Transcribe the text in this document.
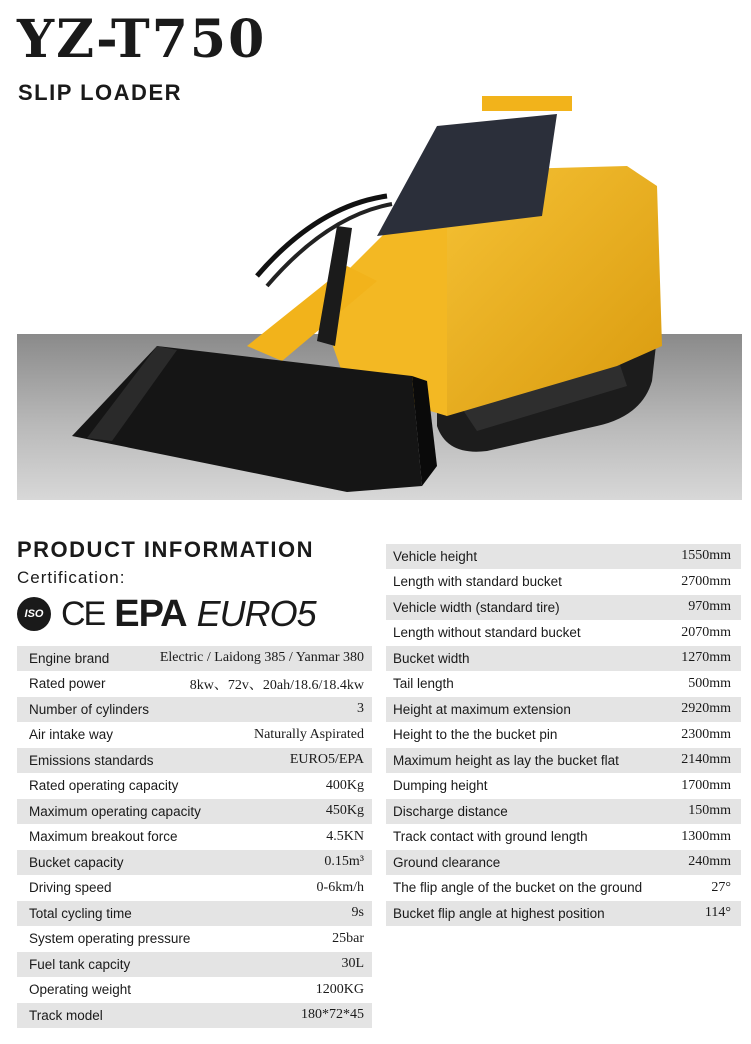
YZ-T750
SLIP LOADER
PRODUCT INFORMATION
Certification:
ISO CE EPA EURO5
Engine brand	Electric / Laidong 385 / Yanmar 380
Rated power	8kw、72v、20ah/18.6/18.4kw
Number of cylinders	3
Air intake way	Naturally Aspirated
Emissions standards	EURO5/EPA
Rated operating capacity	400Kg
Maximum operating capacity	450Kg
Maximum breakout force	4.5KN
Bucket capacity	0.15m³
Driving speed	0-6km/h
Total cycling time	9s
System operating pressure	25bar
Fuel tank capcity	30L
Operating weight	1200KG
Track model	180*72*45
Vehicle height	1550mm
Length with standard bucket	2700mm
Vehicle width (standard tire)	970mm
Length without standard bucket	2070mm
Bucket width	1270mm
Tail length	500mm
Height at maximum extension	2920mm
Height to the the bucket pin	2300mm
Maximum height as lay the bucket flat	2140mm
Dumping height	1700mm
Discharge distance	150mm
Track contact with ground length	1300mm
Ground clearance	240mm
The flip angle of the bucket on the ground	27°
Bucket flip angle at highest position	114°
